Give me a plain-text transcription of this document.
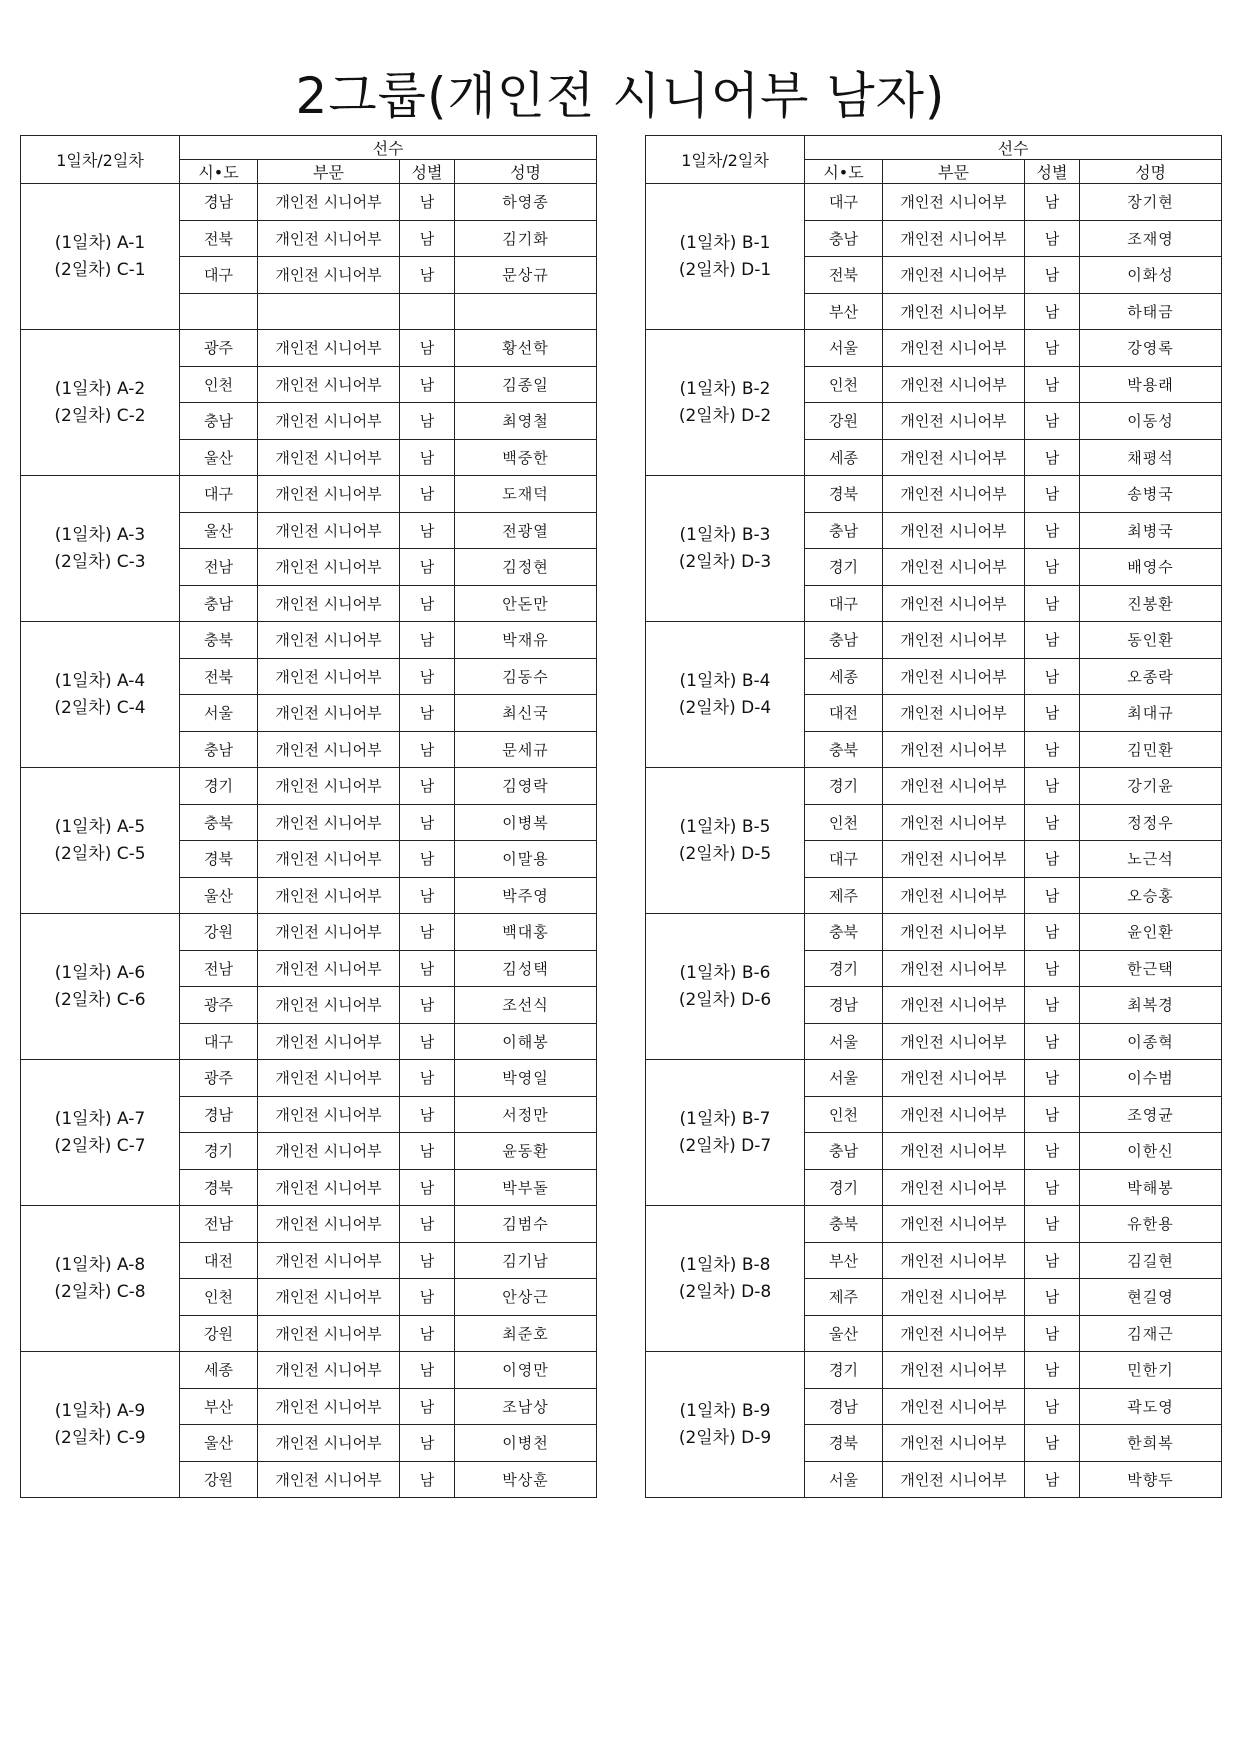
2그룹(개인전 시니어부 남자)
1일차/2일차	선수			
	시•도	부문	성별	성명

(1일차) A-1
(2일차) C-1	경남	개인전 시니어부	남	하영종
	전북	개인전 시니어부	남	김기화
	대구	개인전 시니어부	남	문상규

(1일차) A-2
(2일차) C-2	광주	개인전 시니어부	남	황선학
	인천	개인전 시니어부	남	김종일
	충남	개인전 시니어부	남	최영철
	울산	개인전 시니어부	남	백중한

(1일차) A-3
(2일차) C-3	대구	개인전 시니어부	남	도재덕
	울산	개인전 시니어부	남	전광열
	전남	개인전 시니어부	남	김정현
	충남	개인전 시니어부	남	안돈만

(1일차) A-4
(2일차) C-4	충북	개인전 시니어부	남	박재유
	전북	개인전 시니어부	남	김동수
	서울	개인전 시니어부	남	최신국
	충남	개인전 시니어부	남	문세규

(1일차) A-5
(2일차) C-5	경기	개인전 시니어부	남	김영락
	충북	개인전 시니어부	남	이병복
	경북	개인전 시니어부	남	이말용
	울산	개인전 시니어부	남	박주영

(1일차) A-6
(2일차) C-6	강원	개인전 시니어부	남	백대홍
	전남	개인전 시니어부	남	김성택
	광주	개인전 시니어부	남	조선식
	대구	개인전 시니어부	남	이해봉

(1일차) A-7
(2일차) C-7	광주	개인전 시니어부	남	박영일
	경남	개인전 시니어부	남	서정만
	경기	개인전 시니어부	남	윤동환
	경북	개인전 시니어부	남	박부돌

(1일차) A-8
(2일차) C-8	전남	개인전 시니어부	남	김범수
	대전	개인전 시니어부	남	김기남
	인천	개인전 시니어부	남	안상근
	강원	개인전 시니어부	남	최준호

(1일차) A-9
(2일차) C-9	세종	개인전 시니어부	남	이영만
	부산	개인전 시니어부	남	조남상
	울산	개인전 시니어부	남	이병천
	강원	개인전 시니어부	남	박상훈
1일차/2일차	선수			
	시•도	부문	성별	성명

(1일차) B-1
(2일차) D-1	대구	개인전 시니어부	남	장기현
	충남	개인전 시니어부	남	조재영
	전북	개인전 시니어부	남	이화성
	부산	개인전 시니어부	남	하태금

(1일차) B-2
(2일차) D-2	서울	개인전 시니어부	남	강영록
	인천	개인전 시니어부	남	박용래
	강원	개인전 시니어부	남	이동성
	세종	개인전 시니어부	남	채평석

(1일차) B-3
(2일차) D-3	경북	개인전 시니어부	남	송병국
	충남	개인전 시니어부	남	최병국
	경기	개인전 시니어부	남	배영수
	대구	개인전 시니어부	남	진봉환

(1일차) B-4
(2일차) D-4	충남	개인전 시니어부	남	동인환
	세종	개인전 시니어부	남	오종락
	대전	개인전 시니어부	남	최대규
	충북	개인전 시니어부	남	김민환

(1일차) B-5
(2일차) D-5	경기	개인전 시니어부	남	강기윤
	인천	개인전 시니어부	남	정정우
	대구	개인전 시니어부	남	노근석
	제주	개인전 시니어부	남	오승홍

(1일차) B-6
(2일차) D-6	충북	개인전 시니어부	남	윤인환
	경기	개인전 시니어부	남	한근택
	경남	개인전 시니어부	남	최복경
	서울	개인전 시니어부	남	이종혁

(1일차) B-7
(2일차) D-7	서울	개인전 시니어부	남	이수범
	인천	개인전 시니어부	남	조영균
	충남	개인전 시니어부	남	이한신
	경기	개인전 시니어부	남	박해봉

(1일차) B-8
(2일차) D-8	충북	개인전 시니어부	남	유한용
	부산	개인전 시니어부	남	김길현
	제주	개인전 시니어부	남	현길영
	울산	개인전 시니어부	남	김재근

(1일차) B-9
(2일차) D-9	경기	개인전 시니어부	남	민한기
	경남	개인전 시니어부	남	곽도영
	경북	개인전 시니어부	남	한희복
	서울	개인전 시니어부	남	박향두
